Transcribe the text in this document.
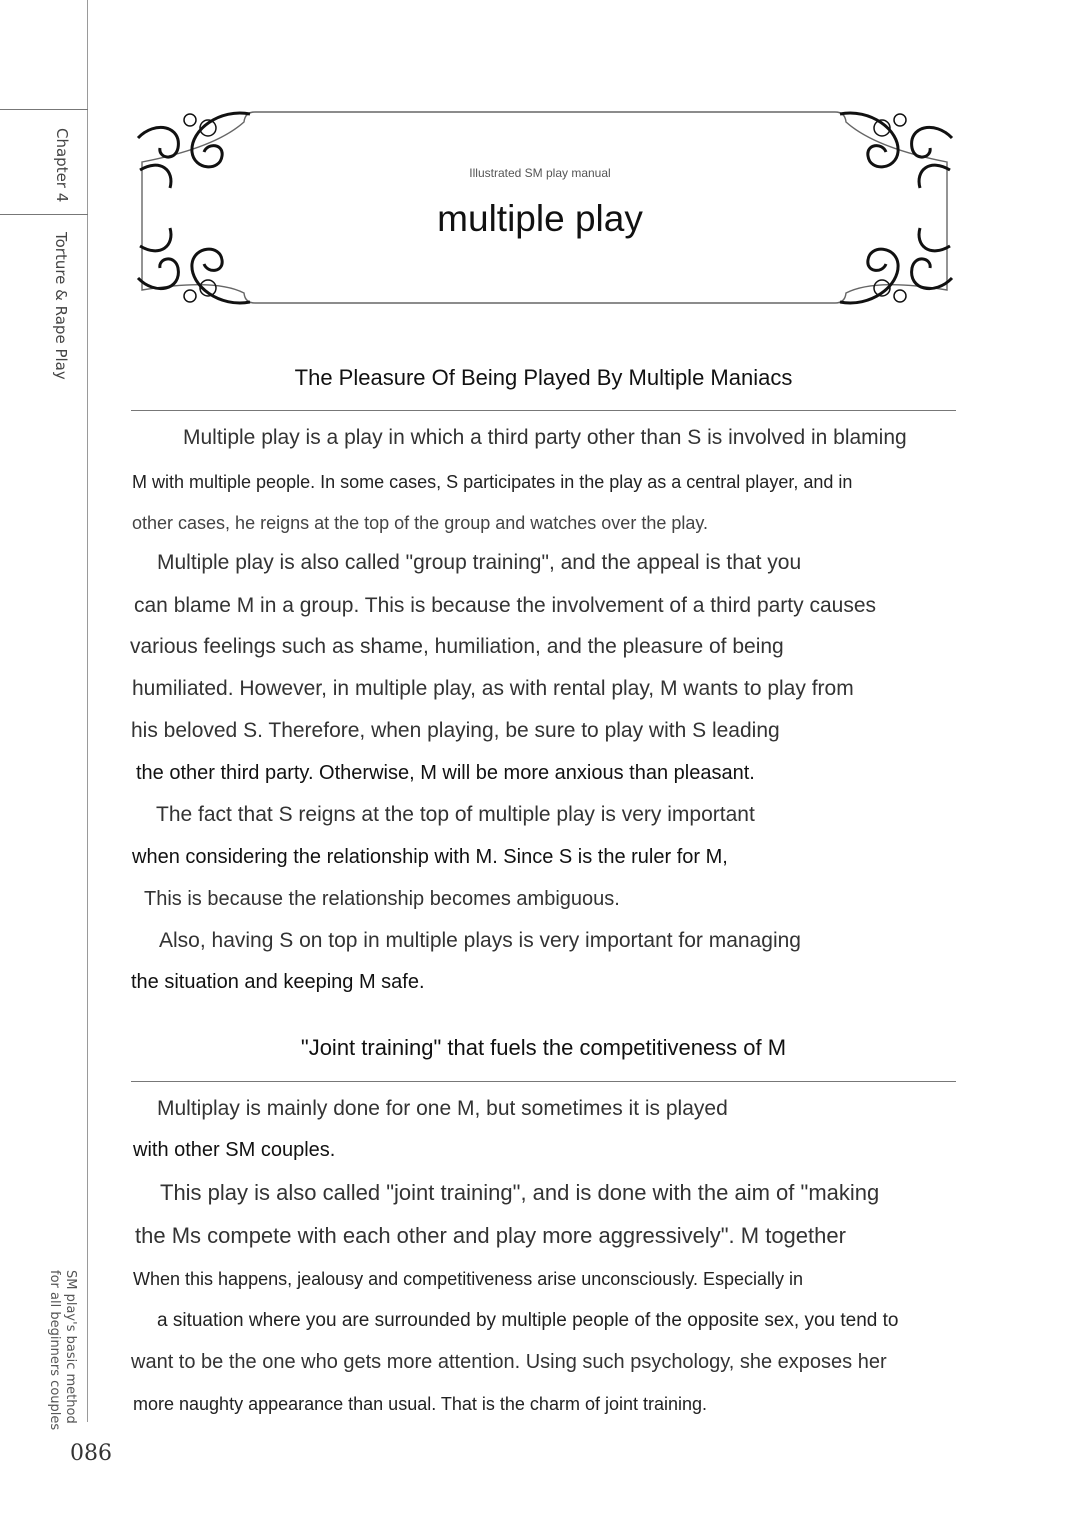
Chapter 4
Torture & Rape Play
SM play's basic method
for all beginners couples
086
Illustrated SM play manual
multiple play
The Pleasure Of Being Played By Multiple Maniacs
Multiple play is a play in which a third party other than S is involved in blaming
M with multiple people. In some cases, S participates in the play as a central player, and in
other cases, he reigns at the top of the group and watches over the play.
Multiple play is also called "group training", and the appeal is that you
can blame M in a group. This is because the involvement of a third party causes
various feelings such as shame, humiliation, and the pleasure of being
humiliated. However, in multiple play, as with rental play, M wants to play from
his beloved S. Therefore, when playing, be sure to play with S leading
the other third party. Otherwise, M will be more anxious than pleasant.
The fact that S reigns at the top of multiple play is very important
when considering the relationship with M. Since S is the ruler for M,
This is because the relationship becomes ambiguous.
Also, having S on top in multiple plays is very important for managing
the situation and keeping M safe.
"Joint training" that fuels the competitiveness of M
Multiplay is mainly done for one M, but sometimes it is played
with other SM couples.
This play is also called "joint training", and is done with the aim of "making
the Ms compete with each other and play more aggressively". M together
When this happens, jealousy and competitiveness arise unconsciously. Especially in
a situation where you are surrounded by multiple people of the opposite sex, you tend to
want to be the one who gets more attention. Using such psychology, she exposes her
more naughty appearance than usual. That is the charm of joint training.
